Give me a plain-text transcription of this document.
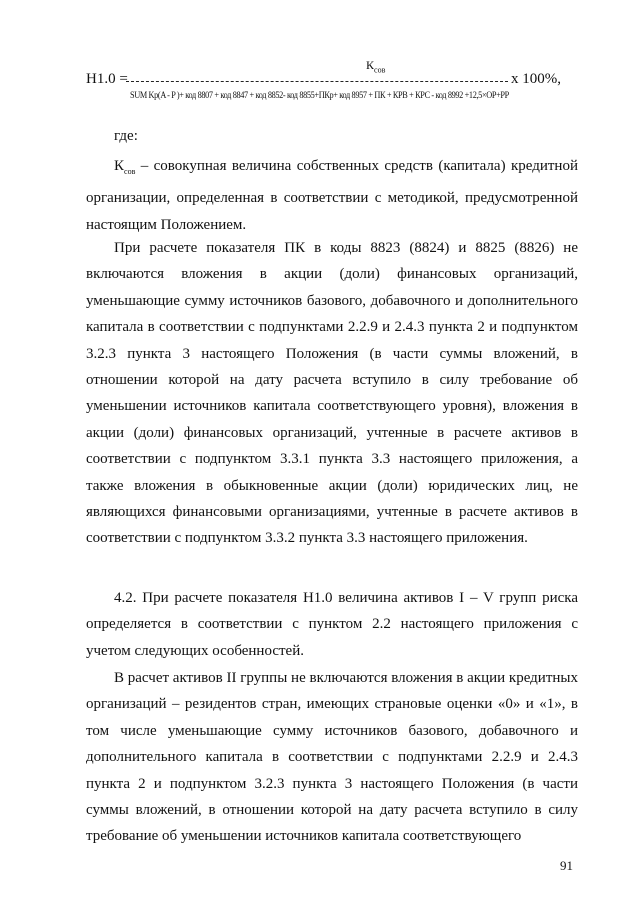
$К_{сов}$
H1.0 =	x 100%,
SUM Kp(A - P )+ код 8807 + код 8847 + код 8852- код 8855+ПКр+ код 8957 + ПК + КРВ + КРС - код 8992 +12,5×ОР+РР
где:

$К_{сов}$ – совокупная величина собственных средств (капитала) кредитной организации, определенная в соответствии с методикой, предусмотренной настоящим Положением.

При расчете показателя ПК в коды 8823 (8824) и 8825 (8826) не включаются вложения в акции (доли) финансовых организаций, уменьшающие сумму источников базового, добавочного и дополнительного капитала в соответствии с подпунктами 2.2.9 и 2.4.3 пункта 2 и подпунктом 3.2.3 пункта 3 настоящего Положения (в части суммы вложений, в отношении которой на дату расчета вступило в силу требование об уменьшении источников капитала соответствующего уровня), вложения в акции (доли) финансовых организаций, учтенные в расчете активов в соответствии с подпунктом 3.3.1 пункта 3.3 настоящего приложения, а также вложения в обыкновенные акции (доли) юридических лиц, не являющихся финансовыми организациями, учтенные в расчете активов в соответствии с подпунктом 3.3.2 пункта 3.3 настоящего приложения.

4.2. При расчете показателя Н1.0 величина активов I – V групп риска определяется в соответствии с пунктом 2.2 настоящего приложения с учетом следующих особенностей.

В расчет активов II группы не включаются вложения в акции кредитных организаций – резидентов стран, имеющих страновые оценки «0» и «1», в том числе уменьшающие сумму источников базового, добавочного и дополнительного капитала в соответствии с подпунктами 2.2.9 и 2.4.3 пункта 2 и подпунктом 3.2.3 пункта 3 настоящего Положения (в части суммы вложений, в отношении которой на дату расчета вступило в силу требование об уменьшении источников капитала соответствующего

91
